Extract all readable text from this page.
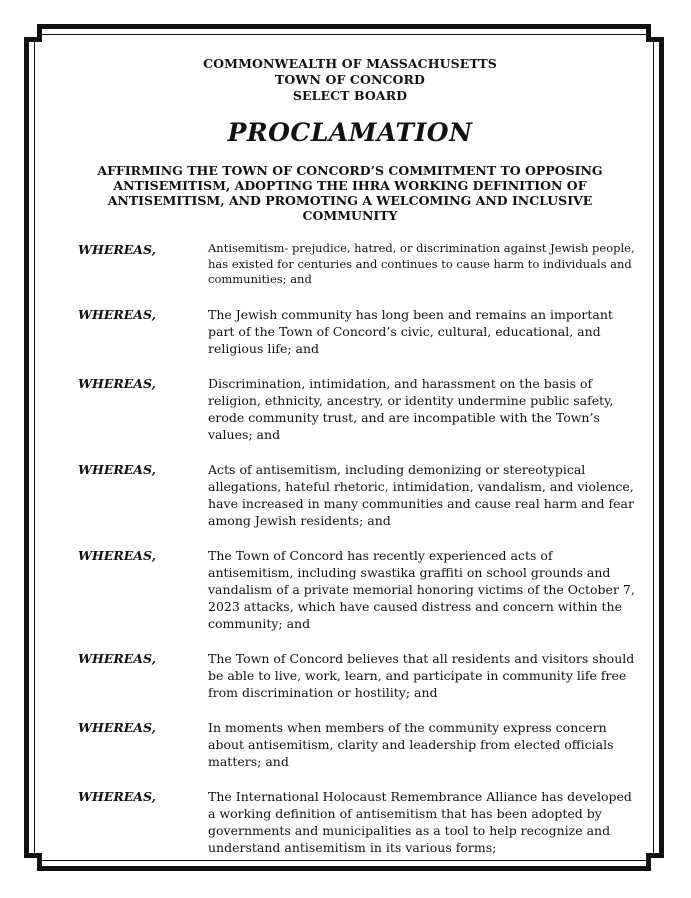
COMMONWEALTH OF MASSACHUSETTS
TOWN OF CONCORD
SELECT BOARD
PROCLAMATION
AFFIRMING THE TOWN OF CONCORD’S COMMITMENT TO OPPOSING ANTISEMITISM, ADOPTING THE IHRA WORKING DEFINITION OF ANTISEMITISM, AND PROMOTING A WELCOMING AND INCLUSIVE COMMUNITY
WHEREAS,	Antisemitism- prejudice, hatred, or discrimination against Jewish people, has existed for centuries and continues to cause harm to individuals and communities; and
WHEREAS,	The Jewish community has long been and remains an important part of the Town of Concord’s civic, cultural, educational, and religious life; and
WHEREAS,	Discrimination, intimidation, and harassment on the basis of religion, ethnicity, ancestry, or identity undermine public safety, erode community trust, and are incompatible with the Town’s values; and
WHEREAS,	Acts of antisemitism, including demonizing or stereotypical allegations, hateful rhetoric, intimidation, vandalism, and violence, have increased in many communities and cause real harm and fear among Jewish residents; and
WHEREAS,	The Town of Concord has recently experienced acts of antisemitism, including swastika graffiti on school grounds and vandalism of a private memorial honoring victims of the October 7, 2023 attacks, which have caused distress and concern within the community; and
WHEREAS,	The Town of Concord believes that all residents and visitors should be able to live, work, learn, and participate in community life free from discrimination or hostility; and
WHEREAS,	In moments when members of the community express concern about antisemitism, clarity and leadership from elected officials matters; and
WHEREAS,	The International Holocaust Remembrance Alliance has developed a working definition of antisemitism that has been adopted by governments and municipalities as a tool to help recognize and understand antisemitism in its various forms;
